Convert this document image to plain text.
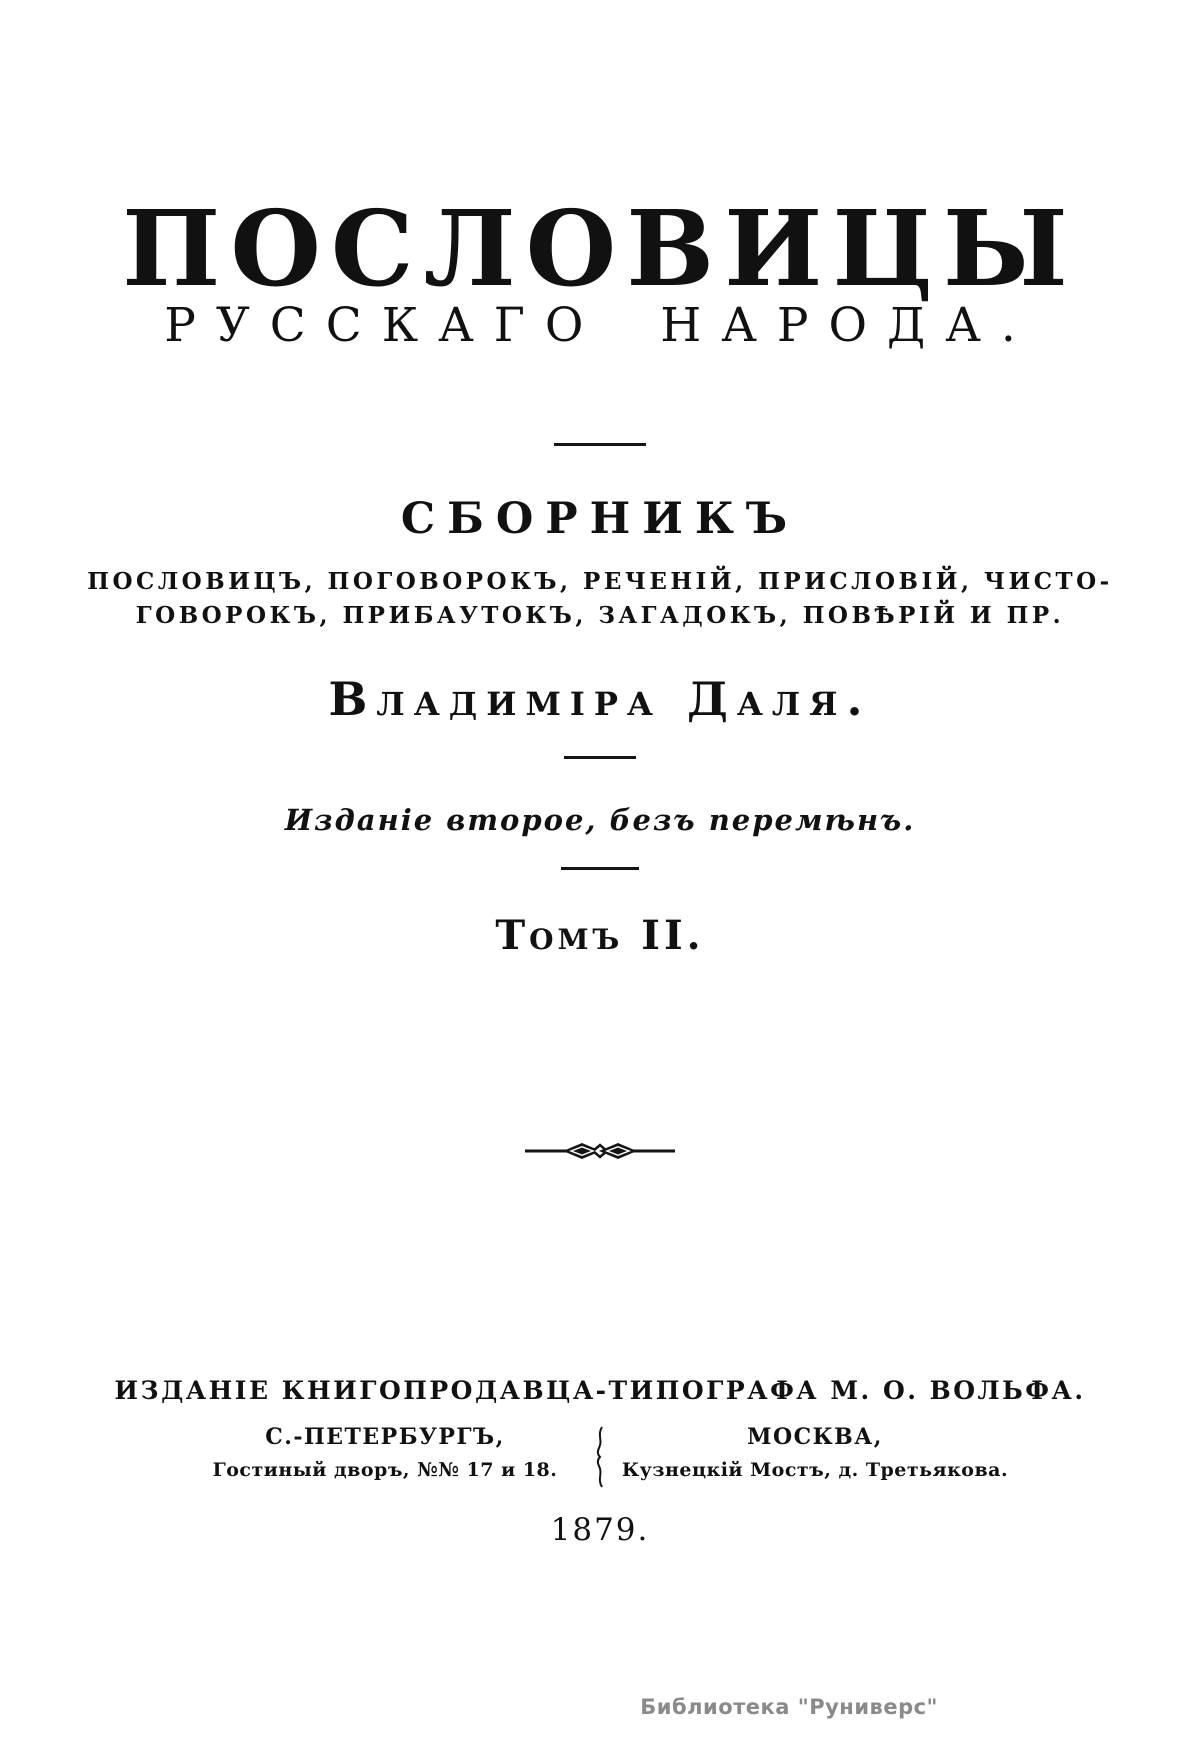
ПОСЛОВИЦЫ
РУССКАГО НАРОДА.
СБОРНИКЪ
ПОСЛОВИЦЪ, ПОГОВОРОКЪ, РЕЧЕНІЙ, ПРИСЛОВІЙ, ЧИСТО-
ГОВОРОКЪ, ПРИБАУТОКЪ, ЗАГАДОКЪ, ПОВѢРІЙ И ПР.
Владиміра Даля.
Изданіе второе, безъ перемѣнъ.
Томъ II.
ИЗДАНІЕ КНИГОПРОДАВЦА-ТИПОГРАФА М. О. ВОЛЬФА.
С.-ПЕТЕРБУРГЪ,
Гостиный дворъ, №№ 17 и 18.
МОСКВА,
Кузнецкій Мостъ, д. Третьякова.
1879.
Библиотека "Руниверс"
